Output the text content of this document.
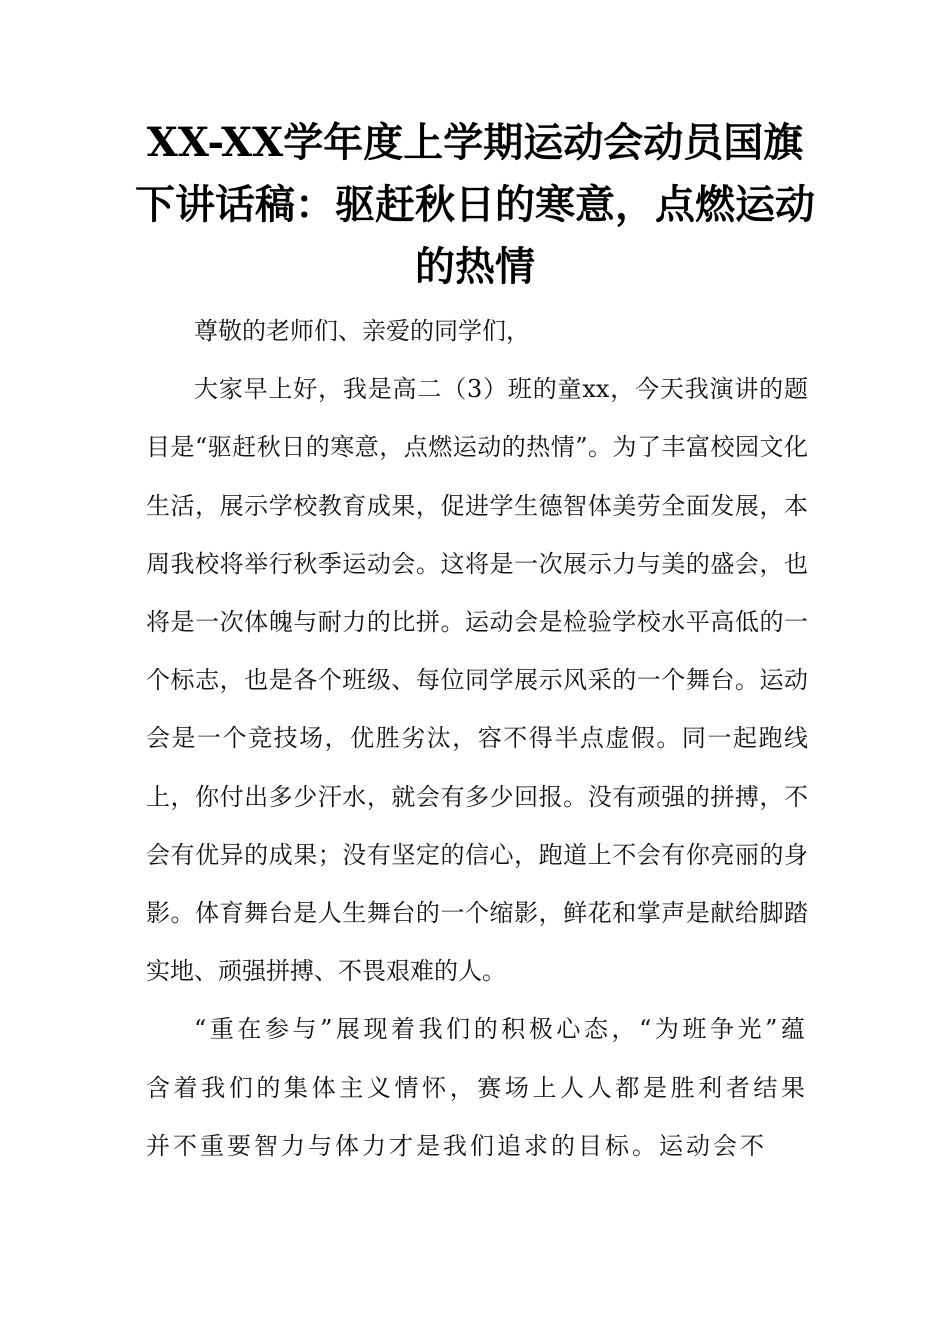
XX-XX学年度上学期运动会动员国旗下讲话稿：驱赶秋日的寒意，点燃运动的热情

尊敬的老师们、亲爱的同学们，

大家早上好，我是高二（3）班的童xx，今天我演讲的题目是“驱赶秋日的寒意，点燃运动的热情”。为了丰富校园文化生活，展示学校教育成果，促进学生德智体美劳全面发展，本周我校将举行秋季运动会。这将是一次展示力与美的盛会，也将是一次体魄与耐力的比拼。运动会是检验学校水平高低的一个标志，也是各个班级、每位同学展示风采的一个舞台。运动会是一个竞技场，优胜劣汰，容不得半点虚假。同一起跑线上，你付出多少汗水，就会有多少回报。没有顽强的拼搏，不会有优异的成果；没有坚定的信心，跑道上不会有你亮丽的身影。体育舞台是人生舞台的一个缩影，鲜花和掌声是献给脚踏实地、顽强拼搏、不畏艰难的人。

“重在参与”展现着我们的积极心态，“为班争光”蕴含着我们的集体主义情怀，赛场上人人都是胜利者结果并不重要智力与体力才是我们追求的目标。运动会不
